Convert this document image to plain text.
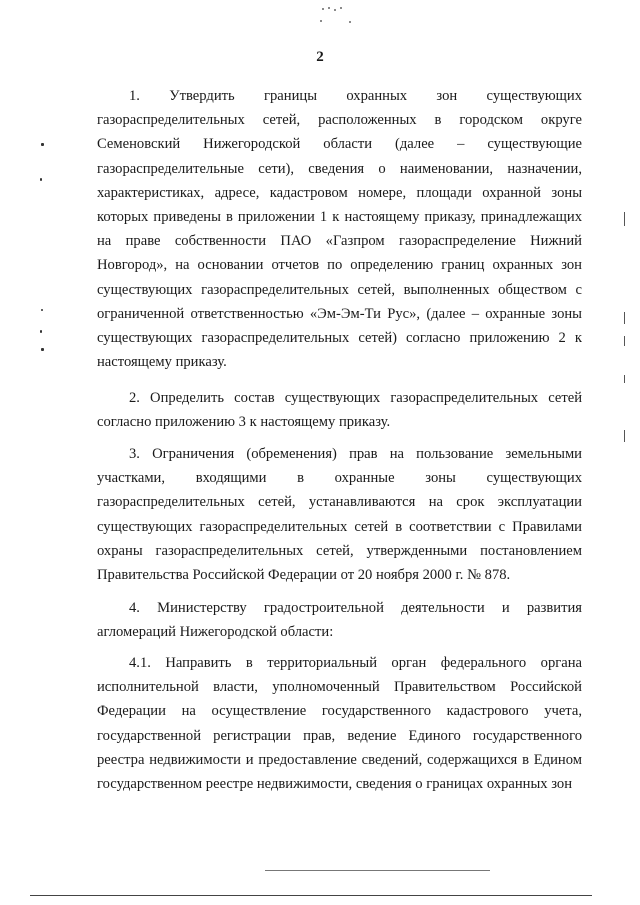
2

1. Утвердить границы охранных зон существующих газораспределительных сетей, расположенных в городском округе Семеновский Нижегородской области (далее – существующие газораспределительные сети), сведения о наименовании, назначении, характеристиках, адресе, кадастровом номере, площади охранной зоны которых приведены в приложении 1 к настоящему приказу, принадлежащих на праве собственности ПАО «Газпром газораспределение Нижний Новгород», на основании отчетов по определению границ охранных зон существующих газораспределительных сетей, выполненных обществом с ограниченной ответственностью «Эм-Эм-Ти Рус», (далее – охранные зоны существующих газораспределительных сетей) согласно приложению 2 к настоящему приказу.

2. Определить состав существующих газораспределительных сетей согласно приложению 3 к настоящему приказу.

3. Ограничения (обременения) прав на пользование земельными участками, входящими в охранные зоны существующих газораспределительных сетей, устанавливаются на срок эксплуатации существующих газораспределительных сетей в соответствии с Правилами охраны газораспределительных сетей, утвержденными постановлением Правительства Российской Федерации от 20 ноября 2000 г. № 878.

4. Министерству градостроительной деятельности и развития агломераций Нижегородской области:

4.1. Направить в территориальный орган федерального органа исполнительной власти, уполномоченный Правительством Российской Федерации на осуществление государственного кадастрового учета, государственной регистрации прав, ведение Единого государственного реестра недвижимости и предоставление сведений, содержащихся в Едином государственном реестре недвижимости, сведения о границах охранных зон
